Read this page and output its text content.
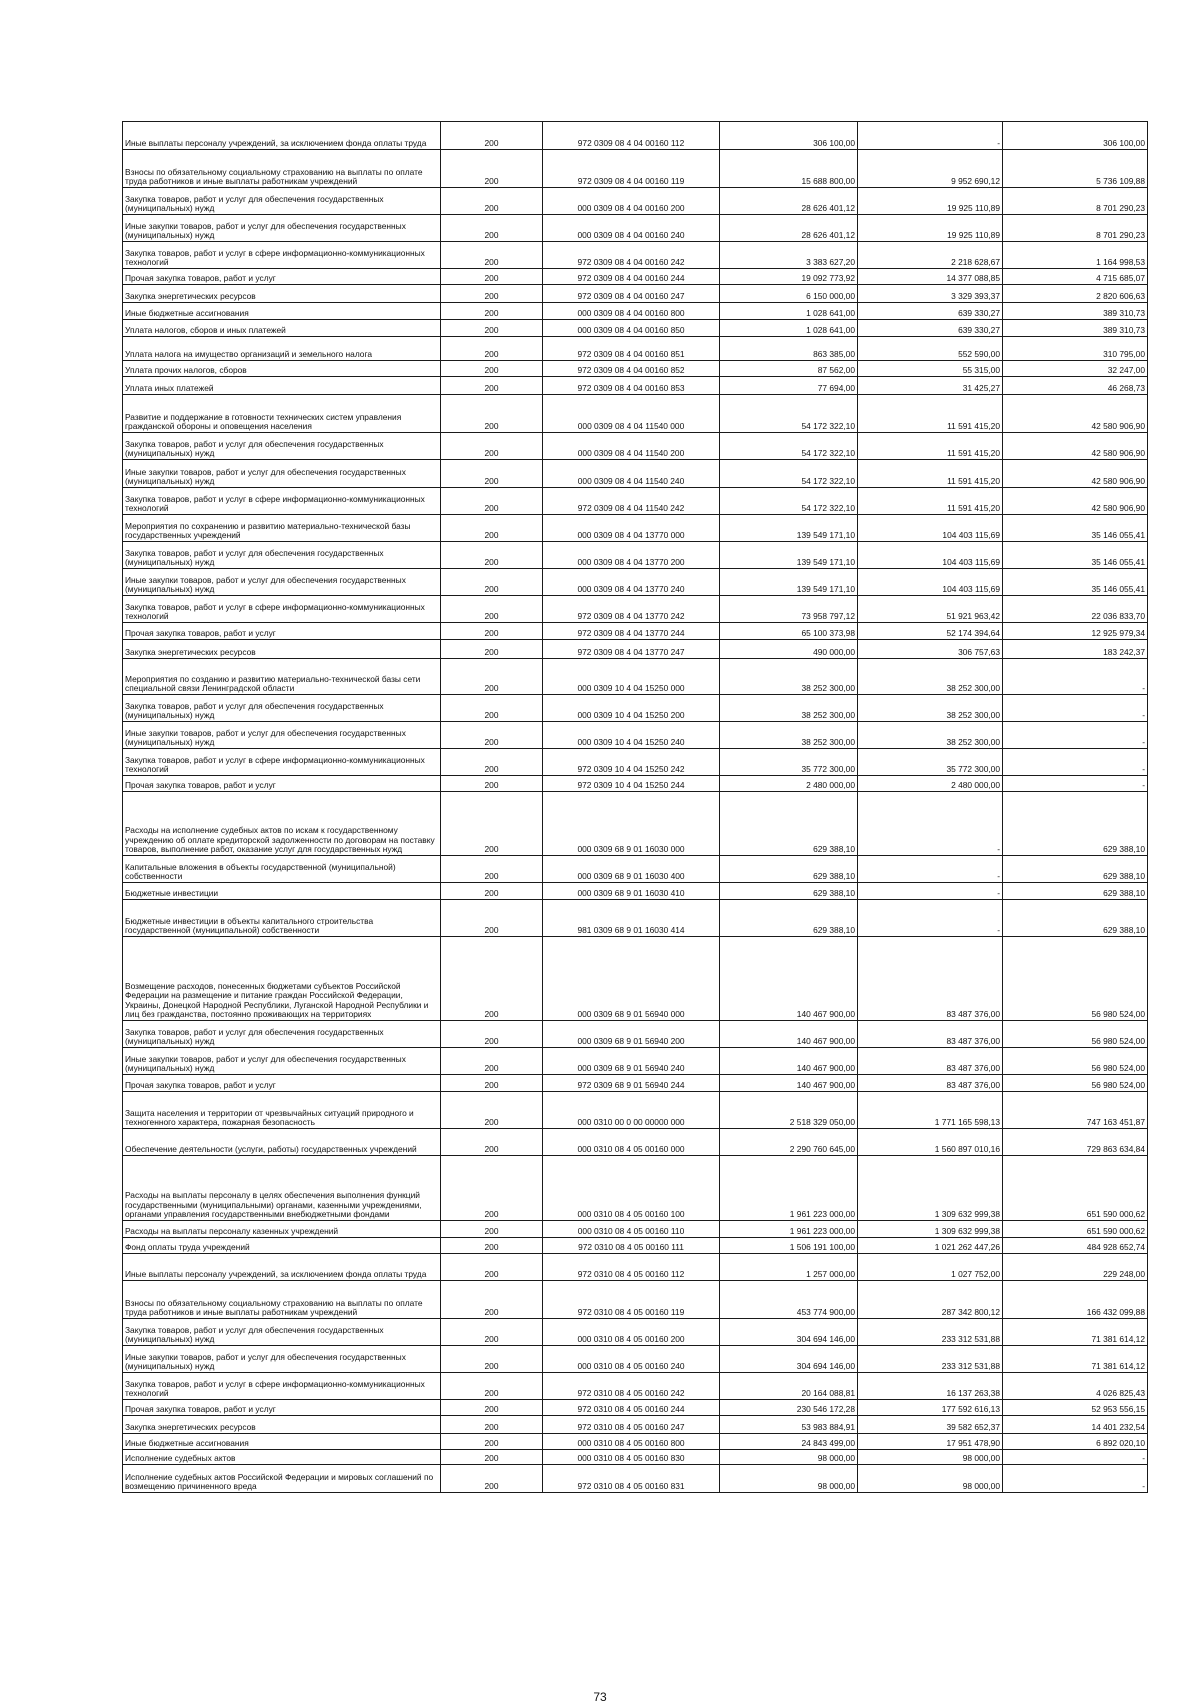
Иные выплаты персоналу учреждений, за исключением фонда оплаты труда	200	972 0309 08 4 04 00160 112	306 100,00	-	306 100,00
Взносы по обязательному социальному страхованию на выплаты по оплате труда работников и иные выплаты работникам учреждений	200	972 0309 08 4 04 00160 119	15 688 800,00	9 952 690,12	5 736 109,88
Закупка товаров, работ и услуг для обеспечения государственных (муниципальных) нужд	200	000 0309 08 4 04 00160 200	28 626 401,12	19 925 110,89	8 701 290,23
Иные закупки товаров, работ и услуг для обеспечения государственных (муниципальных) нужд	200	000 0309 08 4 04 00160 240	28 626 401,12	19 925 110,89	8 701 290,23
Закупка товаров, работ и услуг в сфере информационно-коммуникационных технологий	200	972 0309 08 4 04 00160 242	3 383 627,20	2 218 628,67	1 164 998,53
Прочая закупка товаров, работ и услуг	200	972 0309 08 4 04 00160 244	19 092 773,92	14 377 088,85	4 715 685,07
Закупка энергетических ресурсов	200	972 0309 08 4 04 00160 247	6 150 000,00	3 329 393,37	2 820 606,63
Иные бюджетные ассигнования	200	000 0309 08 4 04 00160 800	1 028 641,00	639 330,27	389 310,73
Уплата налогов, сборов и иных платежей	200	000 0309 08 4 04 00160 850	1 028 641,00	639 330,27	389 310,73
Уплата налога на имущество организаций и земельного налога	200	972 0309 08 4 04 00160 851	863 385,00	552 590,00	310 795,00
Уплата прочих налогов, сборов	200	972 0309 08 4 04 00160 852	87 562,00	55 315,00	32 247,00
Уплата иных платежей	200	972 0309 08 4 04 00160 853	77 694,00	31 425,27	46 268,73
Развитие и поддержание в готовности технических систем управления гражданской обороны и оповещения населения	200	000 0309 08 4 04 11540 000	54 172 322,10	11 591 415,20	42 580 906,90
Закупка товаров, работ и услуг для обеспечения государственных (муниципальных) нужд	200	000 0309 08 4 04 11540 200	54 172 322,10	11 591 415,20	42 580 906,90
Иные закупки товаров, работ и услуг для обеспечения государственных (муниципальных) нужд	200	000 0309 08 4 04 11540 240	54 172 322,10	11 591 415,20	42 580 906,90
Закупка товаров, работ и услуг в сфере информационно-коммуникационных технологий	200	972 0309 08 4 04 11540 242	54 172 322,10	11 591 415,20	42 580 906,90
Мероприятия по сохранению и развитию материально-технической базы государственных учреждений	200	000 0309 08 4 04 13770 000	139 549 171,10	104 403 115,69	35 146 055,41
Закупка товаров, работ и услуг для обеспечения государственных (муниципальных) нужд	200	000 0309 08 4 04 13770 200	139 549 171,10	104 403 115,69	35 146 055,41
Иные закупки товаров, работ и услуг для обеспечения государственных (муниципальных) нужд	200	000 0309 08 4 04 13770 240	139 549 171,10	104 403 115,69	35 146 055,41
Закупка товаров, работ и услуг в сфере информационно-коммуникационных технологий	200	972 0309 08 4 04 13770 242	73 958 797,12	51 921 963,42	22 036 833,70
Прочая закупка товаров, работ и услуг	200	972 0309 08 4 04 13770 244	65 100 373,98	52 174 394,64	12 925 979,34
Закупка энергетических ресурсов	200	972 0309 08 4 04 13770 247	490 000,00	306 757,63	183 242,37
Мероприятия по созданию и развитию материально-технической базы сети специальной связи Ленинградской области	200	000 0309 10 4 04 15250 000	38 252 300,00	38 252 300,00	-
Закупка товаров, работ и услуг для обеспечения государственных (муниципальных) нужд	200	000 0309 10 4 04 15250 200	38 252 300,00	38 252 300,00	-
Иные закупки товаров, работ и услуг для обеспечения государственных (муниципальных) нужд	200	000 0309 10 4 04 15250 240	38 252 300,00	38 252 300,00	-
Закупка товаров, работ и услуг в сфере информационно-коммуникационных технологий	200	972 0309 10 4 04 15250 242	35 772 300,00	35 772 300,00	-
Прочая закупка товаров, работ и услуг	200	972 0309 10 4 04 15250 244	2 480 000,00	2 480 000,00	-
Расходы на исполнение судебных актов по искам к государственному учреждению об оплате кредиторской задолженности по договорам на поставку товаров, выполнение работ, оказание услуг для государственных нужд	200	000 0309 68 9 01 16030 000	629 388,10	-	629 388,10
Капитальные вложения в объекты государственной (муниципальной) собственности	200	000 0309 68 9 01 16030 400	629 388,10	-	629 388,10
Бюджетные инвестиции	200	000 0309 68 9 01 16030 410	629 388,10	-	629 388,10
Бюджетные инвестиции в объекты капитального строительства государственной (муниципальной) собственности	200	981 0309 68 9 01 16030 414	629 388,10	-	629 388,10
Возмещение расходов, понесенных бюджетами субъектов Российской Федерации на размещение и питание граждан Российской Федерации, Украины, Донецкой Народной Республики, Луганской Народной Республики и лиц без гражданства, постоянно проживающих на территориях	200	000 0309 68 9 01 56940 000	140 467 900,00	83 487 376,00	56 980 524,00
Закупка товаров, работ и услуг для обеспечения государственных (муниципальных) нужд	200	000 0309 68 9 01 56940 200	140 467 900,00	83 487 376,00	56 980 524,00
Иные закупки товаров, работ и услуг для обеспечения государственных (муниципальных) нужд	200	000 0309 68 9 01 56940 240	140 467 900,00	83 487 376,00	56 980 524,00
Прочая закупка товаров, работ и услуг	200	972 0309 68 9 01 56940 244	140 467 900,00	83 487 376,00	56 980 524,00
Защита населения и территории от чрезвычайных ситуаций природного и техногенного характера, пожарная безопасность	200	000 0310 00 0 00 00000 000	2 518 329 050,00	1 771 165 598,13	747 163 451,87
Обеспечение деятельности (услуги, работы) государственных учреждений	200	000 0310 08 4 05 00160 000	2 290 760 645,00	1 560 897 010,16	729 863 634,84
Расходы на выплаты персоналу в целях обеспечения выполнения функций государственными (муниципальными) органами, казенными учреждениями, органами управления государственными внебюджетными фондами	200	000 0310 08 4 05 00160 100	1 961 223 000,00	1 309 632 999,38	651 590 000,62
Расходы на выплаты персоналу казенных учреждений	200	000 0310 08 4 05 00160 110	1 961 223 000,00	1 309 632 999,38	651 590 000,62
Фонд оплаты труда учреждений	200	972 0310 08 4 05 00160 111	1 506 191 100,00	1 021 262 447,26	484 928 652,74
Иные выплаты персоналу учреждений, за исключением фонда оплаты труда	200	972 0310 08 4 05 00160 112	1 257 000,00	1 027 752,00	229 248,00
Взносы по обязательному социальному страхованию на выплаты по оплате труда работников и иные выплаты работникам учреждений	200	972 0310 08 4 05 00160 119	453 774 900,00	287 342 800,12	166 432 099,88
Закупка товаров, работ и услуг для обеспечения государственных (муниципальных) нужд	200	000 0310 08 4 05 00160 200	304 694 146,00	233 312 531,88	71 381 614,12
Иные закупки товаров, работ и услуг для обеспечения государственных (муниципальных) нужд	200	000 0310 08 4 05 00160 240	304 694 146,00	233 312 531,88	71 381 614,12
Закупка товаров, работ и услуг в сфере информационно-коммуникационных технологий	200	972 0310 08 4 05 00160 242	20 164 088,81	16 137 263,38	4 026 825,43
Прочая закупка товаров, работ и услуг	200	972 0310 08 4 05 00160 244	230 546 172,28	177 592 616,13	52 953 556,15
Закупка энергетических ресурсов	200	972 0310 08 4 05 00160 247	53 983 884,91	39 582 652,37	14 401 232,54
Иные бюджетные ассигнования	200	000 0310 08 4 05 00160 800	24 843 499,00	17 951 478,90	6 892 020,10
Исполнение судебных актов	200	000 0310 08 4 05 00160 830	98 000,00	98 000,00	-
Исполнение судебных актов Российской Федерации и мировых соглашений по возмещению причиненного вреда	200	972 0310 08 4 05 00160 831	98 000,00	98 000,00	-
73
